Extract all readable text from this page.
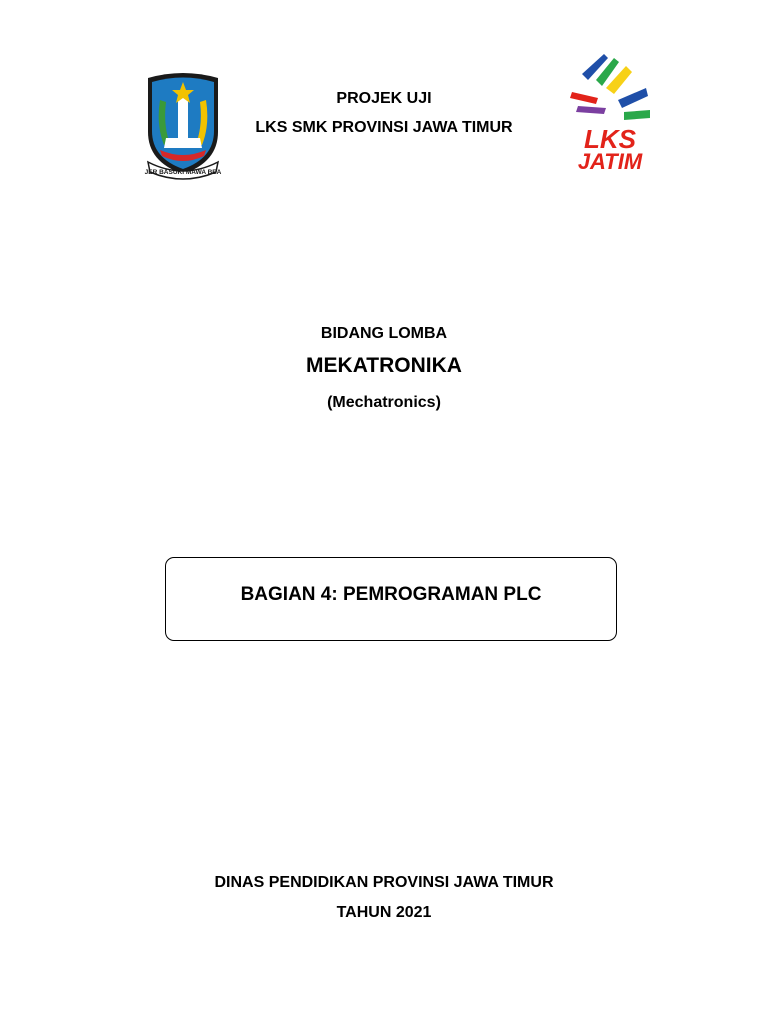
JER BASUKI MAWA BEA
LKS
JATIM
PROJEK UJI
LKS SMK PROVINSI JAWA TIMUR
BIDANG LOMBA
MEKATRONIKA
(Mechatronics)
BAGIAN 4: PEMROGRAMAN PLC
DINAS PENDIDIKAN PROVINSI JAWA TIMUR
TAHUN 2021
